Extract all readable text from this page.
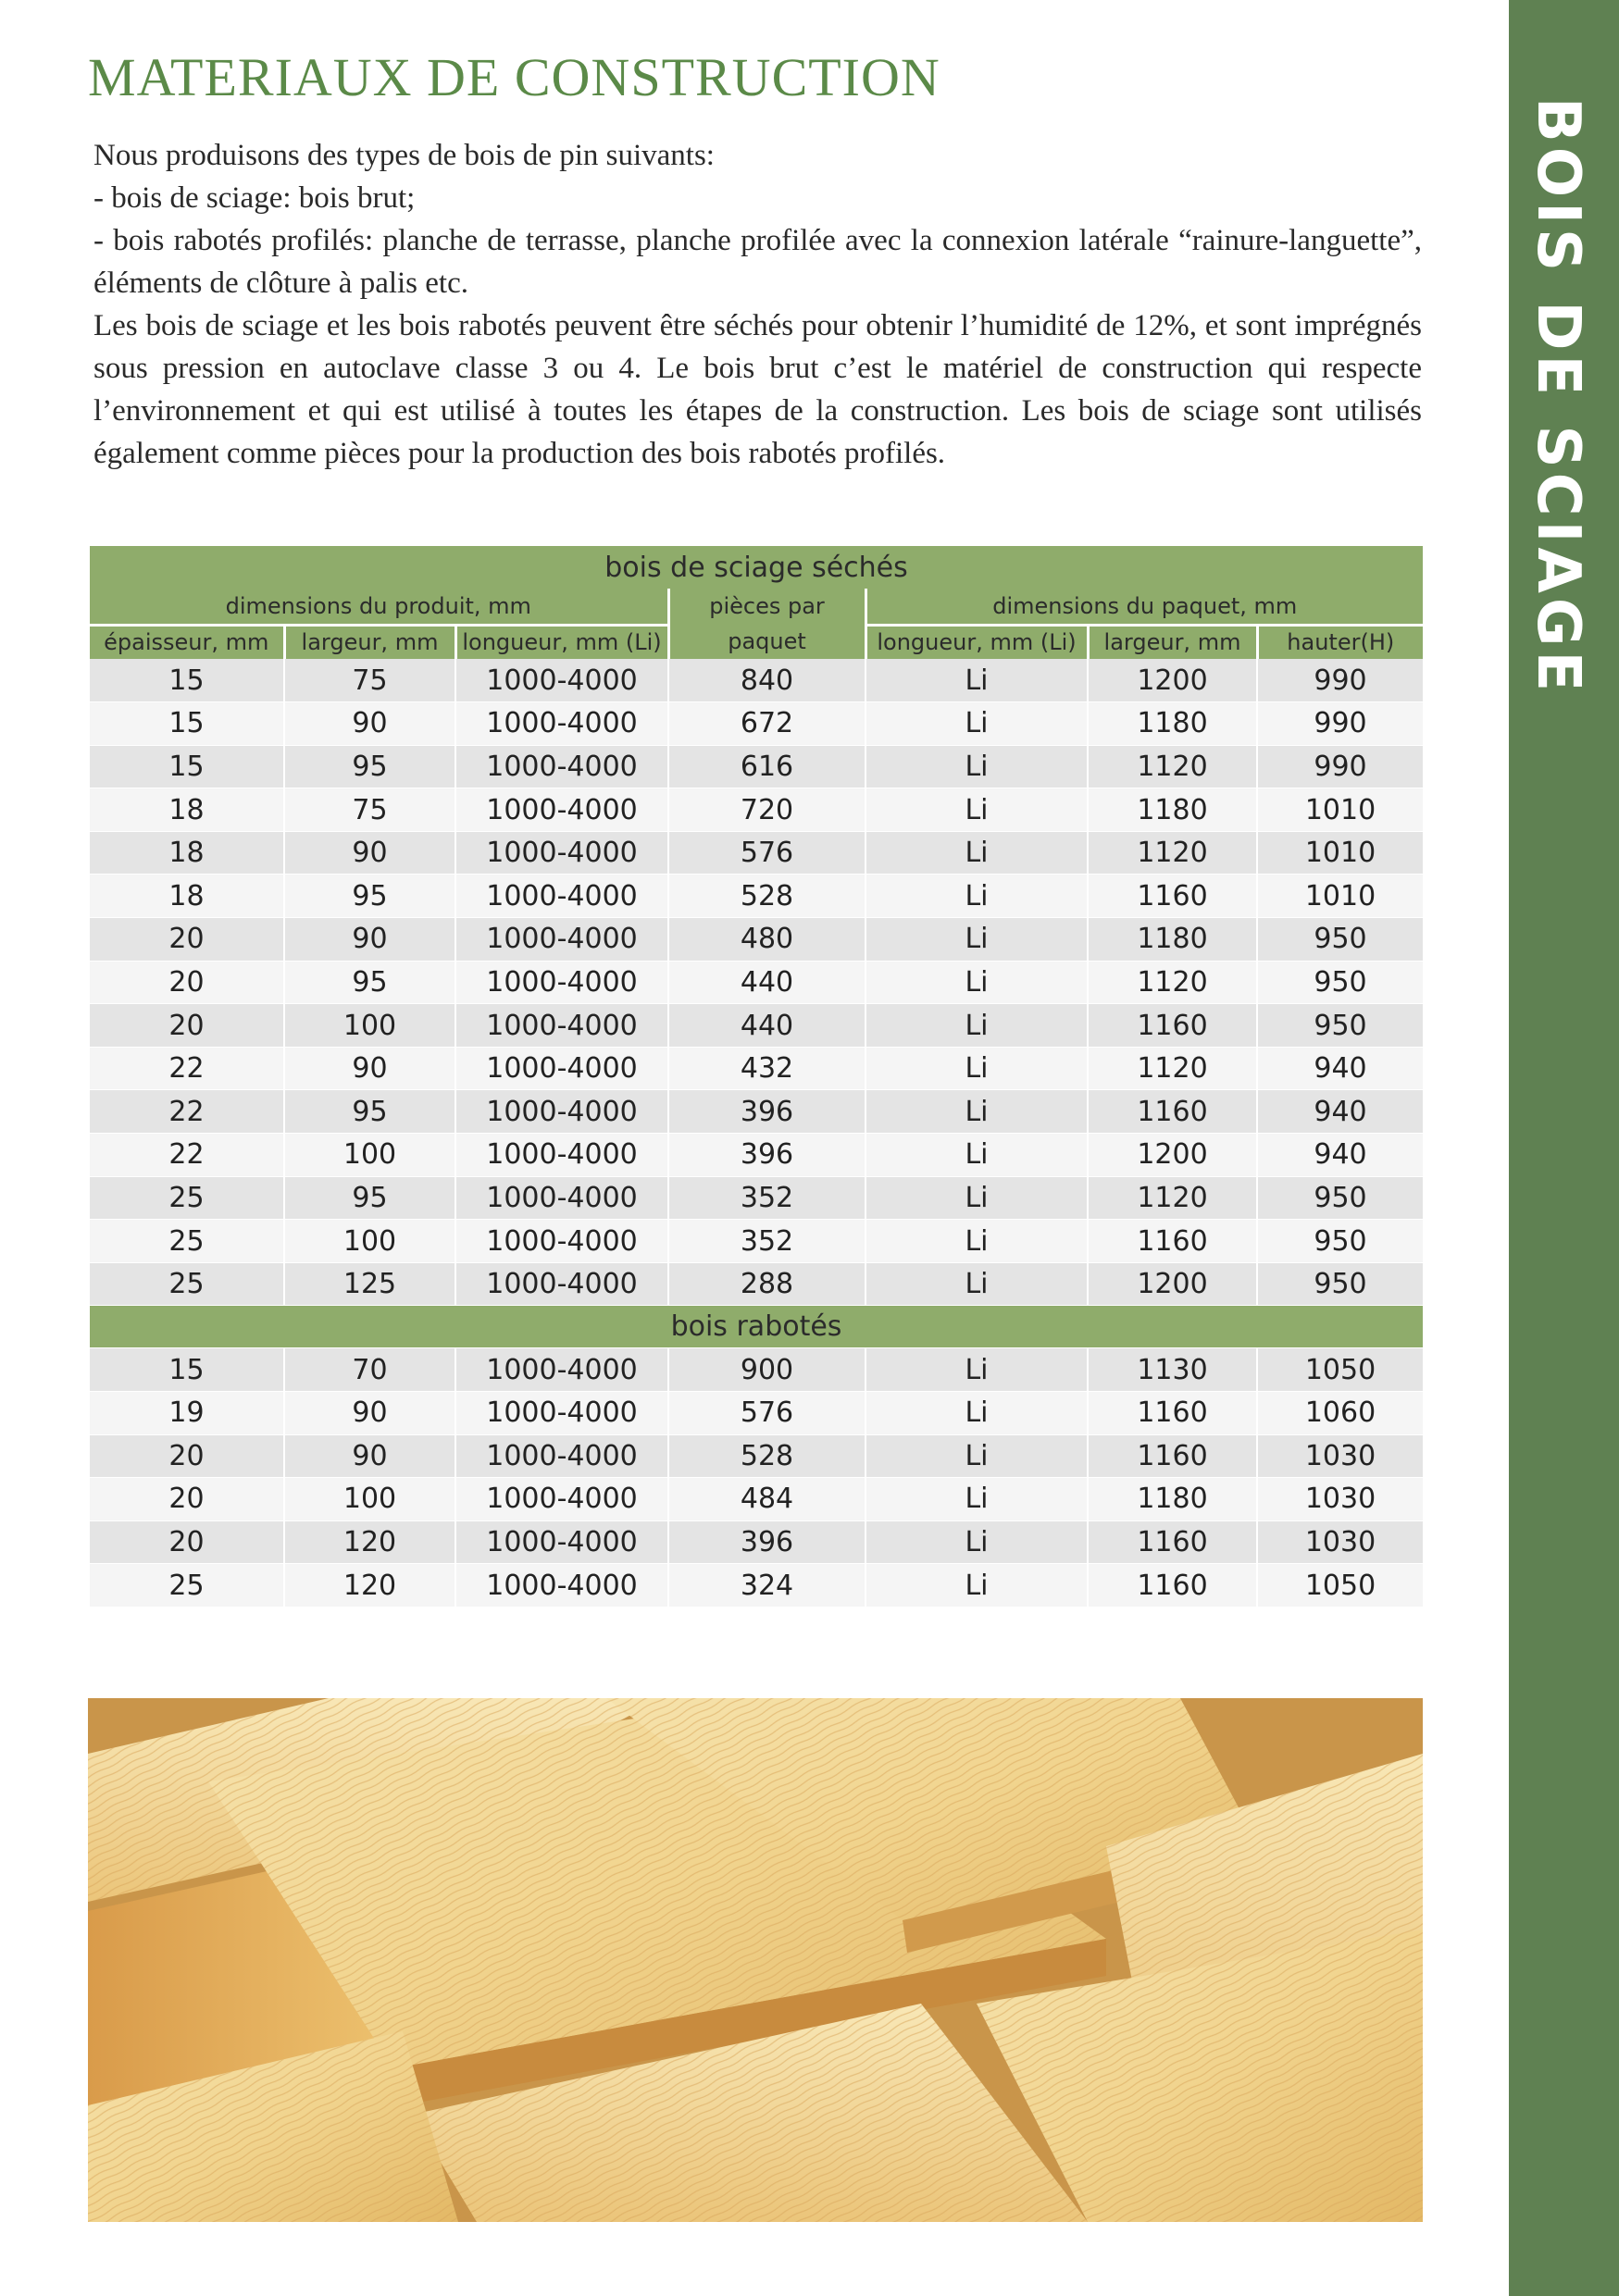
BOIS DE SCIAGE
MATERIAUX DE CONSTRUCTION

Nous produisons des types de bois de pin suivants:

- bois de sciage: bois brut;

- bois rabotés profilés: planche de terrasse, planche profilée avec la connexion latérale “rainure-languette”, éléments de clôture à palis etc.

Les bois de sciage et les bois rabotés peuvent être séchés pour obtenir l’humidité de 12%, et sont imprégnés sous pression en autoclave classe 3 ou 4. Le bois brut c’est le matériel de construction qui respecte l’environnement et qui est utilisé à toutes les étapes de la construction. Les bois de sciage sont utilisés également comme pièces pour la production des bois rabotés profilés.

bois de sciage séchés						
dimensions du produit, mm			pièces par paquet	dimensions du paquet, mm		
épaisseur, mm	largeur, mm	longueur, mm (Li)		longueur, mm (Li)	largeur, mm	hauter(H)
15	75	1000-4000	840	Li	1200	990
15	90	1000-4000	672	Li	1180	990
15	95	1000-4000	616	Li	1120	990
18	75	1000-4000	720	Li	1180	1010
18	90	1000-4000	576	Li	1120	1010
18	95	1000-4000	528	Li	1160	1010
20	90	1000-4000	480	Li	1180	950
20	95	1000-4000	440	Li	1120	950
20	100	1000-4000	440	Li	1160	950
22	90	1000-4000	432	Li	1120	940
22	95	1000-4000	396	Li	1160	940
22	100	1000-4000	396	Li	1200	940
25	95	1000-4000	352	Li	1120	950
25	100	1000-4000	352	Li	1160	950
25	125	1000-4000	288	Li	1200	950
bois rabotés						
15	70	1000-4000	900	Li	1130	1050
19	90	1000-4000	576	Li	1160	1060
20	90	1000-4000	528	Li	1160	1030
20	100	1000-4000	484	Li	1180	1030
20	120	1000-4000	396	Li	1160	1030
25	120	1000-4000	324	Li	1160	1050
